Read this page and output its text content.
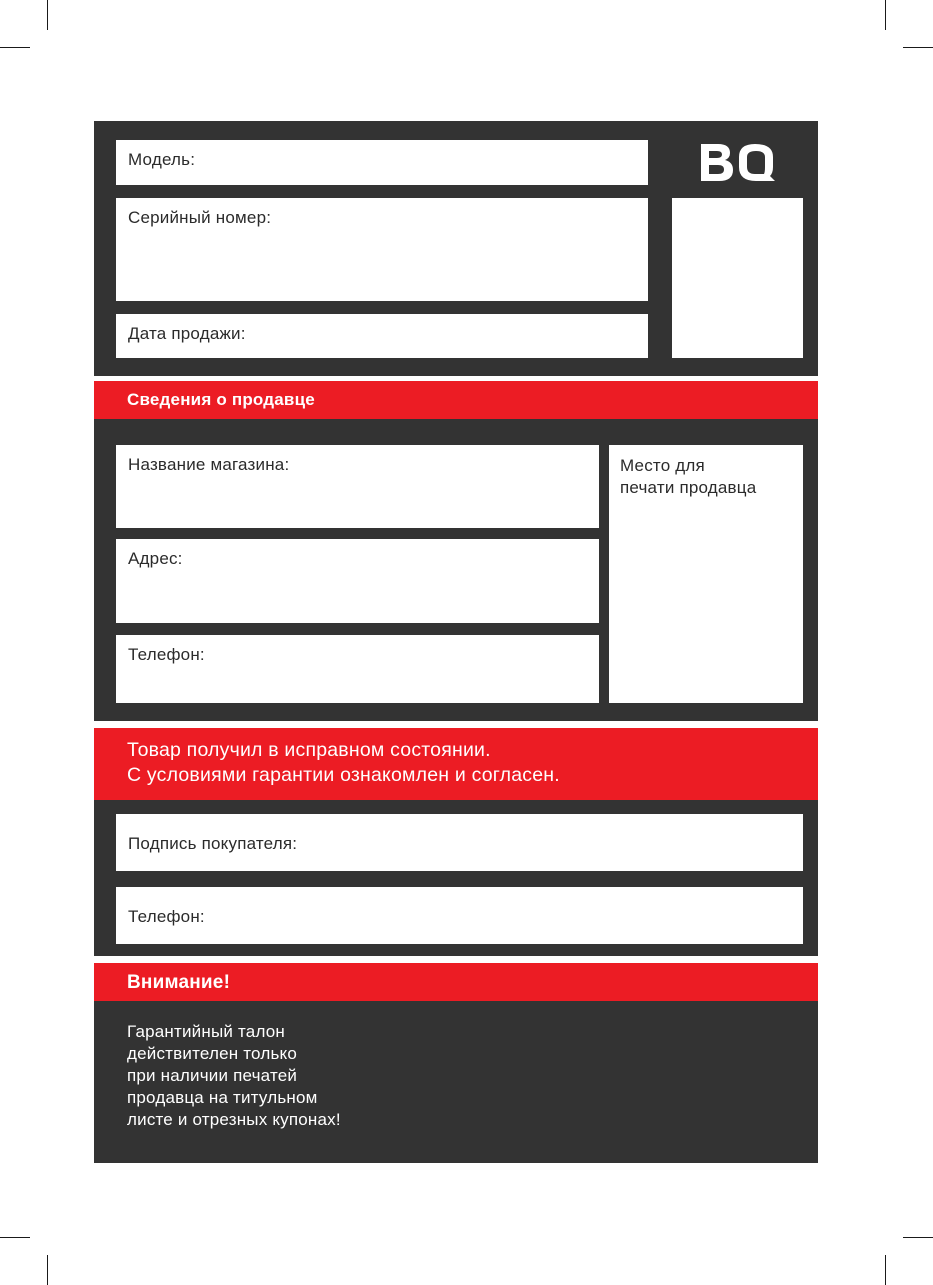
Модель:
Серийный номер:
Дата продажи:
Сведения о продавце
Название магазина:
Адрес:
Телефон:
Место для
печати продавца
Товар получил в исправном состоянии.
С условиями гарантии ознакомлен и согласен.
Подпись покупателя:
Телефон:
Внимание!
Гарантийный талон
действителен только
при наличии печатей
продавца на титульном
листе и отрезных купонах!
